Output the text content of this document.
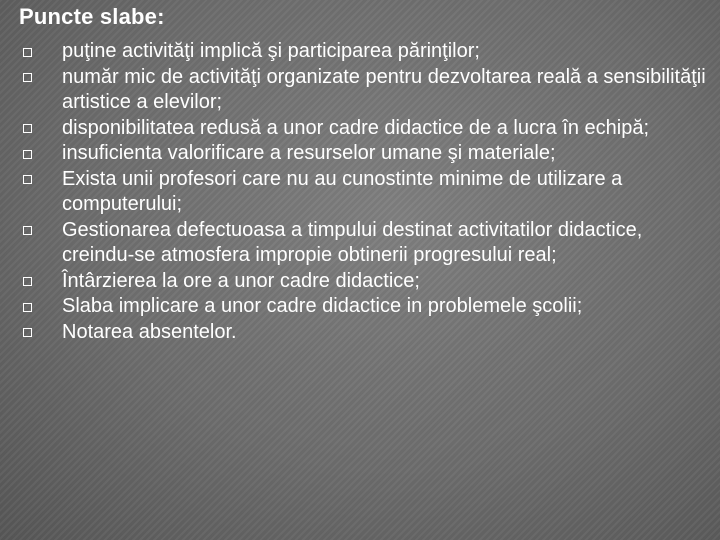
Puncte slabe:
puţine activităţi implică şi participarea părinţilor;
număr mic de activităţi organizate pentru dezvoltarea reală a sensibilităţii artistice a elevilor;
disponibilitatea redusă a unor cadre didactice de a lucra în echipă;
insuficienta valorificare a resurselor umane şi materiale;
Exista unii profesori care nu au cunostinte minime de utilizare a computerului;
Gestionarea defectuoasa a timpului destinat activitatilor didactice, creindu-se atmosfera impropie obtinerii progresului real;
Întârzierea la ore a unor cadre didactice;
Slaba implicare a unor cadre didactice in problemele şcolii;
Notarea absentelor.
